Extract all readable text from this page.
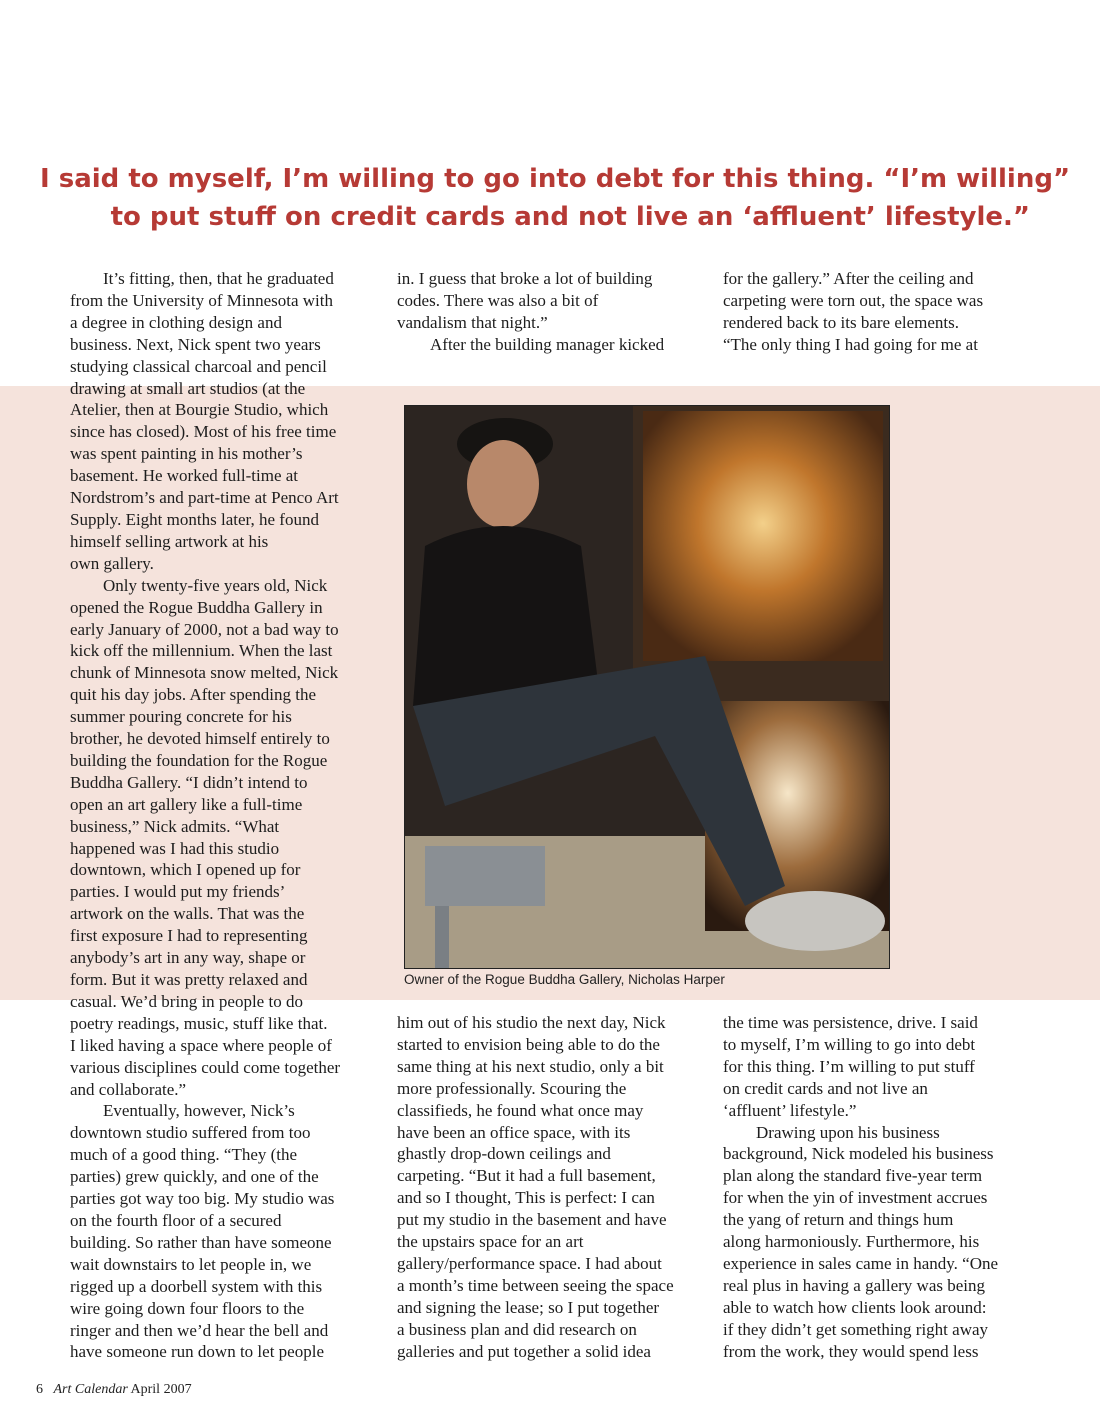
I said to myself, I’m willing to go into debt for this thing. “I’m willing”
to put stuff on credit cards and not live an ‘affluent’ lifestyle.”

It’s fitting, then, that he graduated

from the University of Minnesota with

a degree in clothing design and

business. Next, Nick spent two years

studying classical charcoal and pencil

drawing at small art studios (at the

Atelier, then at Bourgie Studio, which

since has closed). Most of his free time

was spent painting in his mother’s

basement. He worked full-time at

Nordstrom’s and part-time at Penco Art

Supply. Eight months later, he found

himself selling artwork at his

own gallery.

Only twenty-five years old, Nick

opened the Rogue Buddha Gallery in

early January of 2000, not a bad way to

kick off the millennium. When the last

chunk of Minnesota snow melted, Nick

quit his day jobs. After spending the

summer pouring concrete for his

brother, he devoted himself entirely to

building the foundation for the Rogue

Buddha Gallery. “I didn’t intend to

open an art gallery like a full-time

business,” Nick admits. “What

happened was I had this studio

downtown, which I opened up for

parties. I would put my friends’

artwork on the walls. That was the

first exposure I had to representing

anybody’s art in any way, shape or

form. But it was pretty relaxed and

casual. We’d bring in people to do

poetry readings, music, stuff like that.

I liked having a space where people of

various disciplines could come together

and collaborate.”

Eventually, however, Nick’s

downtown studio suffered from too

much of a good thing. “They (the

parties) grew quickly, and one of the

parties got way too big. My studio was

on the fourth floor of a secured

building. So rather than have someone

wait downstairs to let people in, we

rigged up a doorbell system with this

wire going down four floors to the

ringer and then we’d hear the bell and

have someone run down to let people

in. I guess that broke a lot of building

codes. There was also a bit of

vandalism that night.”

After the building manager kicked

for the gallery.” After the ceiling and

carpeting were torn out, the space was

rendered back to its bare elements.

“The only thing I had going for me at

Owner of the Rogue Buddha Gallery, Nicholas Harper

him out of his studio the next day, Nick

started to envision being able to do the

same thing at his next studio, only a bit

more professionally. Scouring the

classifieds, he found what once may

have been an office space, with its

ghastly drop-down ceilings and

carpeting. “But it had a full basement,

and so I thought, This is perfect: I can

put my studio in the basement and have

the upstairs space for an art

gallery/performance space. I had about

a month’s time between seeing the space

and signing the lease; so I put together

a business plan and did research on

galleries and put together a solid idea

the time was persistence, drive. I said

to myself, I’m willing to go into debt

for this thing. I’m willing to put stuff

on credit cards and not live an

‘affluent’ lifestyle.”

Drawing upon his business

background, Nick modeled his business

plan along the standard five-year term

for when the yin of investment accrues

the yang of return and things hum

along harmoniously. Furthermore, his

experience in sales came in handy. “One

real plus in having a gallery was being

able to watch how clients look around:

if they didn’t get something right away

from the work, they would spend less

6 Art Calendar April 2007
